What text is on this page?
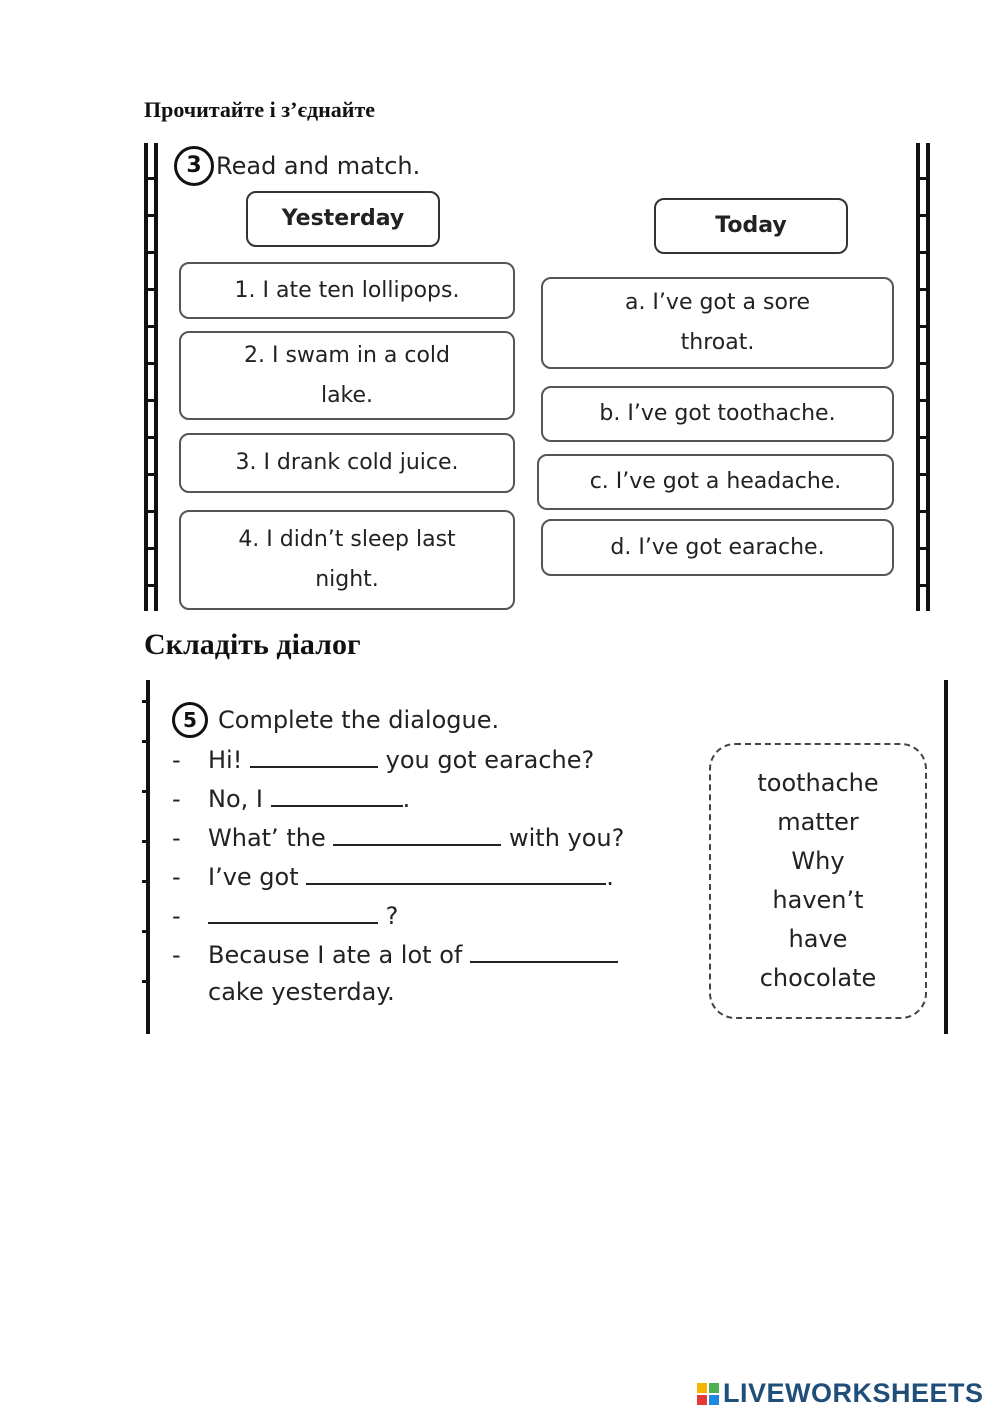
Прочитайте і з’єднайте
3 Read and match.
Yesterday	Today
1. I ate ten lollipops.
2. I swam in a cold lake.
3. I drank cold juice.
4. I didn’t sleep last night.
a. I’ve got a sore throat.
b. I’ve got toothache.
c. I’ve got a headache.
d. I’ve got earache.
Складіть діалог
5 Complete the dialogue.
- Hi!	you got earache?
- No, I	.
- What’ the	with you?
- I’ve got	.
-	?
- Because I ate a lot of
cake yesterday.
toothache
matter
Why
haven’t
have
chocolate
LIVEWORKSHEETS
